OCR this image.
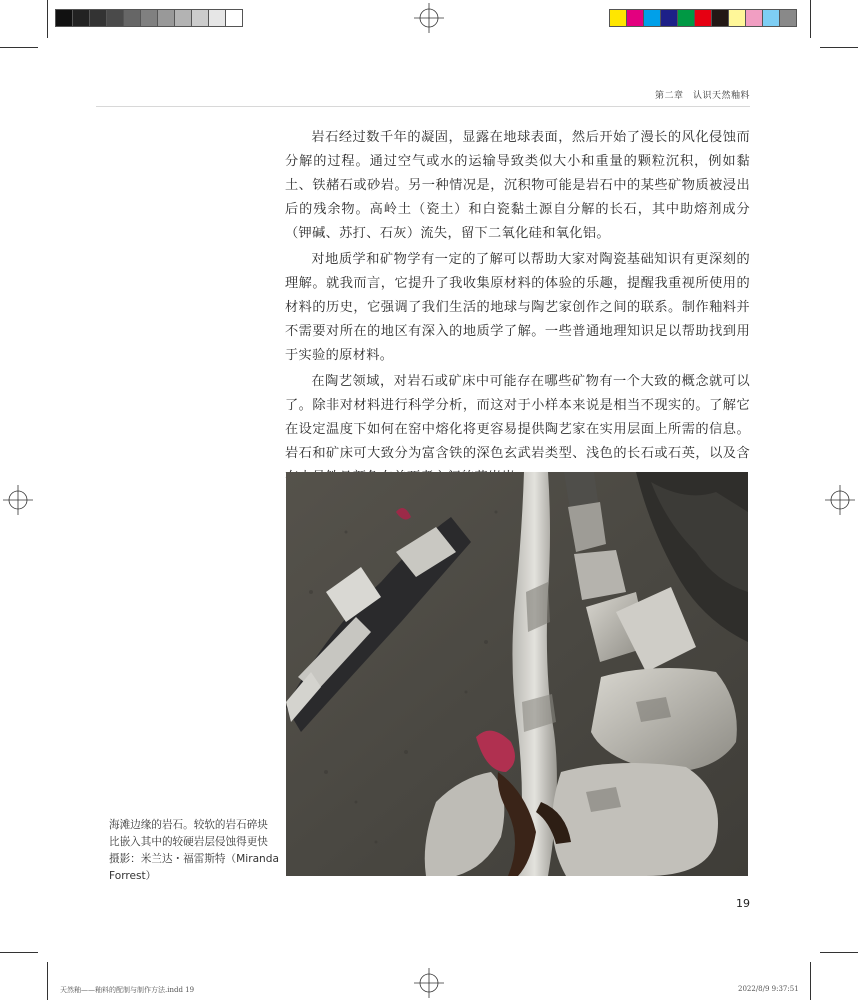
第二章　认识天然釉料

岩石经过数千年的凝固，显露在地球表面，然后开始了漫长的风化侵蚀而分解的过程。通过空气或水的运输导致类似大小和重量的颗粒沉积，例如黏土、铁赭石或砂岩。另一种情况是，沉积物可能是岩石中的某些矿物质被浸出后的残余物。高岭土（瓷土）和白瓷黏土源自分解的长石，其中助熔剂成分（钾碱、苏打、石灰）流失，留下二氧化硅和氧化铝。

对地质学和矿物学有一定的了解可以帮助大家对陶瓷基础知识有更深刻的理解。就我而言，它提升了我收集原材料的体验的乐趣，提醒我重视所使用的材料的历史，它强调了我们生活的地球与陶艺家创作之间的联系。制作釉料并不需要对所在的地区有深入的地质学了解。一些普通地理知识足以帮助找到用于实验的原材料。

在陶艺领域，对岩石或矿床中可能存在哪些矿物有一个大致的概念就可以了。除非对材料进行科学分析，而这对于小样本来说是相当不现实的。了解它在设定温度下如何在窑中熔化将更容易提供陶艺家在实用层面上所需的信息。岩石和矿床可大致分为富含铁的深色玄武岩类型、浅色的长石或石英，以及含

海滩边缘的岩石。较软的岩石碎块
比嵌入其中的较硬岩层侵蚀得更快
摄影：米兰达・福雷斯特（Miranda
Forrest）
19
天然釉——釉料的配制与制作方法.indd 19	2022/8/9 9:37:51
